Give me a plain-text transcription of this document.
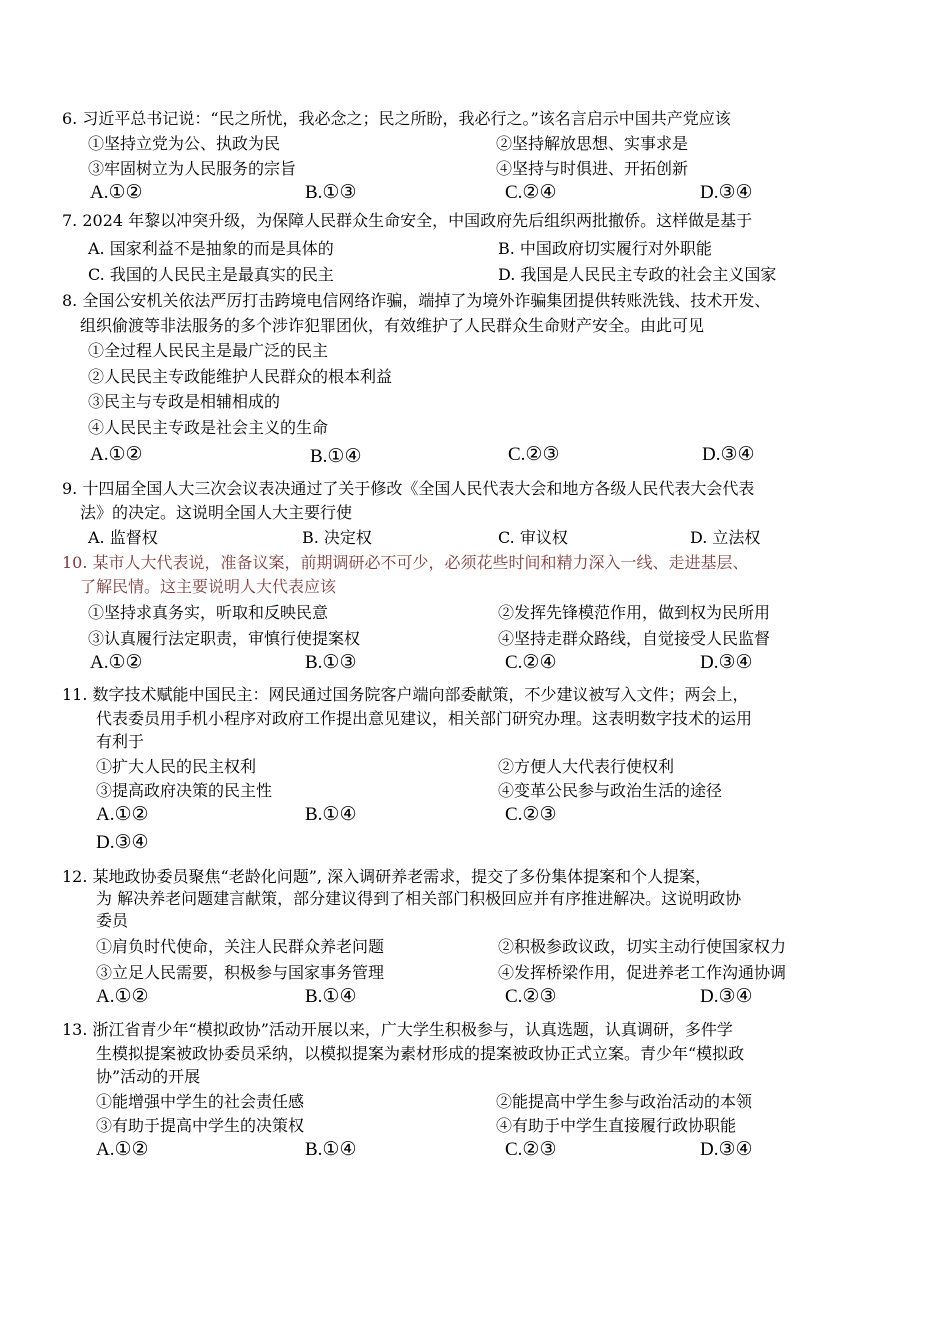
6. 习近平总书记说：“民之所忧，我必念之；民之所盼，我必行之。”该名言启示中国共产党应该
①坚持立党为公、执政为民	②坚持解放思想、实事求是
③牢固树立为人民服务的宗旨	④坚持与时俱进、开拓创新
A.①②	B.①③	C.②④	D.③④
7. 2024 年黎以冲突升级，为保障人民群众生命安全，中国政府先后组织两批撤侨。这样做是基于
A. 国家利益不是抽象的而是具体的	B. 中国政府切实履行对外职能
C. 我国的人民民主是最真实的民主	D. 我国是人民民主专政的社会主义国家
8. 全国公安机关依法严厉打击跨境电信网络诈骗，端掉了为境外诈骗集团提供转账洗钱、技术开发、
组织偷渡等非法服务的多个涉诈犯罪团伙，有效维护了人民群众生命财产安全。由此可见
①全过程人民民主是最广泛的民主
②人民民主专政能维护人民群众的根本利益
③民主与专政是相辅相成的
④人民民主专政是社会主义的生命
A.①②	B.①④	C.②③	D.③④
9. 十四届全国人大三次会议表决通过了关于修改《全国人民代表大会和地方各级人民代表大会代表
法》的决定。这说明全国人大主要行使
A. 监督权	B. 决定权	C. 审议权	D. 立法权
10. 某市人大代表说，准备议案，前期调研必不可少，必须花些时间和精力深入一线、走进基层、
了解民情。这主要说明人大代表应该
①坚持求真务实，听取和反映民意	②发挥先锋模范作用，做到权为民所用
③认真履行法定职责，审慎行使提案权	④坚持走群众路线，自觉接受人民监督
A.①②	B.①③	C.②④	D.③④
11. 数字技术赋能中国民主：网民通过国务院客户端向部委献策，不少建议被写入文件；两会上，
代表委员用手机小程序对政府工作提出意见建议，相关部门研究办理。这表明数字技术的运用
有利于
①扩大人民的民主权利	②方便人大代表行使权利
③提高政府决策的民主性	④变革公民参与政治生活的途径
A.①②	B.①④	C.②③
D.③④
12. 某地政协委员聚焦“老龄化问题”, 深入调研养老需求，提交了多份集体提案和个人提案，
为 解决养老问题建言献策，部分建议得到了相关部门积极回应并有序推进解决。这说明政协
委员
①肩负时代使命，关注人民群众养老问题	②积极参政议政，切实主动行使国家权力
③立足人民需要，积极参与国家事务管理	④发挥桥梁作用，促进养老工作沟通协调
A.①②	B.①④	C.②③	D.③④
13. 浙江省青少年“模拟政协”活动开展以来，广大学生积极参与，认真选题，认真调研，多件学
生模拟提案被政协委员采纳，以模拟提案为素材形成的提案被政协正式立案。青少年“模拟政
协”活动的开展
①能增强中学生的社会责任感	②能提高中学生参与政治活动的本领
③有助于提高中学生的决策权	④有助于中学生直接履行政协职能
A.①②	B.①④	C.②③	D.③④
